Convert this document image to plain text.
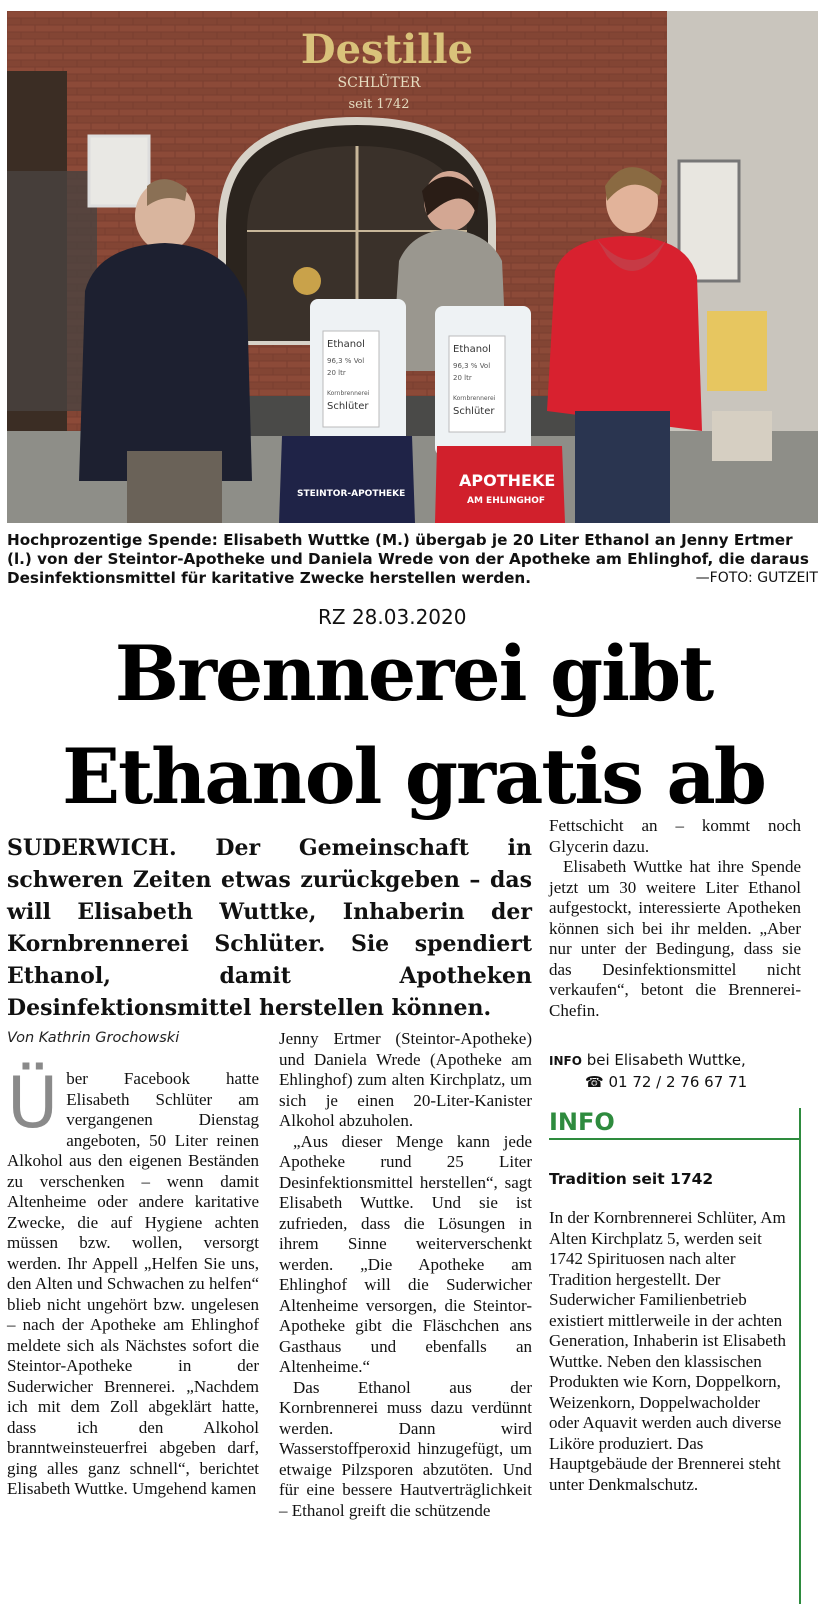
Destille
SCHLÜTER
seit 1742
Ethanol
96,3 % Vol
20 ltr
Kornbrennerei
Schlüter
Ethanol
96,3 % Vol
20 ltr
Kornbrennerei
Schlüter
STEINTOR-APOTHEKE
APOTHEKE
AM EHLINGHOF
Hochprozentige Spende: Elisabeth Wuttke (M.) übergab je 20 Liter Ethanol an Jenny Ertmer (l.) von der Steintor-Apotheke und Daniela Wrede von der Apotheke am Ehlinghof, die daraus Desinfektionsmittel für karitative Zwecke herstellen werden.	—FOTO: GUTZEIT
RZ 28.03.2020
Brennerei gibt
Ethanol gratis ab
SUDERWICH. Der Gemeinschaft in schweren Zeiten etwas zurückgeben – das will Elisabeth Wuttke, Inhaberin der Kornbrennerei Schlüter. Sie spendiert Ethanol, damit Apotheken Desinfektionsmittel herstellen können.
Von Kathrin Grochowski

Über Facebook hatte Elisabeth Schlüter am vergangenen Dienstag angeboten, 50 Liter reinen Alkohol aus den eigenen Beständen zu verschenken – wenn damit Altenheime oder andere karitative Zwecke, die auf Hygiene achten müssen bzw. wollen, versorgt werden. Ihr Appell „Helfen Sie uns, den Alten und Schwachen zu helfen“ blieb nicht ungehört bzw. ungelesen – nach der Apotheke am Ehlinghof meldete sich als Nächstes sofort die Steintor-Apotheke in der Suderwicher Brennerei. „Nachdem ich mit dem Zoll abgeklärt hatte, dass ich den Alkohol branntweinsteuerfrei abgeben darf, ging alles ganz schnell“, berichtet Elisabeth Wuttke. Umgehend kamen

Jenny Ertmer (Steintor-Apotheke) und Daniela Wrede (Apotheke am Ehlinghof) zum alten Kirchplatz, um sich je einen 20-Liter-Kanister Alkohol abzuholen.

„Aus dieser Menge kann jede Apotheke rund 25 Liter Desinfektionsmittel herstellen“, sagt Elisabeth Wuttke. Und sie ist zufrieden, dass die Lösungen in ihrem Sinne weiterverschenkt werden. „Die Apotheke am Ehlinghof will die Suderwicher Altenheime versorgen, die Steintor-Apotheke gibt die Fläschchen ans Gasthaus und ebenfalls an Altenheime.“

Das Ethanol aus der Kornbrennerei muss dazu verdünnt werden. Dann wird Wasserstoffperoxid hinzugefügt, um etwaige Pilzsporen abzutöten. Und für eine bessere Hautverträglichkeit – Ethanol greift die schützende

Fettschicht an – kommt noch Glycerin dazu.

Elisabeth Wuttke hat ihre Spende jetzt um 30 weitere Liter Ethanol aufgestockt, interessierte Apotheken können sich bei ihr melden. „Aber nur unter der Bedingung, dass sie das Desinfektionsmittel nicht verkaufen“, betont die Brennerei-Chefin.

INFO bei Elisabeth Wuttke,
☎ 01 72 / 2 76 67 71
INFO
Tradition seit 1742
In der Kornbrennerei Schlüter, Am Alten Kirchplatz 5, werden seit 1742 Spirituosen nach alter Tradition hergestellt. Der Suderwicher Familienbetrieb existiert mittlerweile in der achten Generation, Inhaberin ist Elisabeth Wuttke. Neben den klassischen Produkten wie Korn, Doppelkorn, Weizenkorn, Doppelwacholder oder Aquavit werden auch diverse Liköre produziert. Das Hauptgebäude der Brennerei steht unter Denkmalschutz.
